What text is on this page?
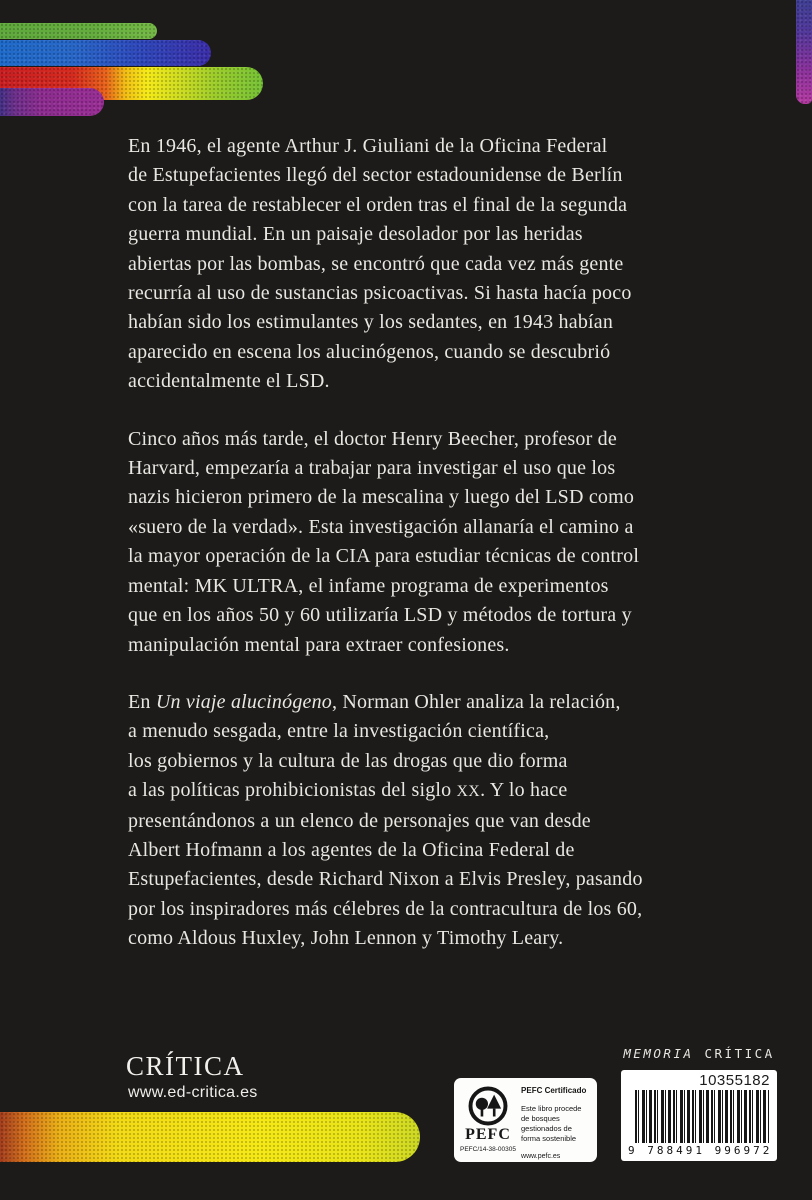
En 1946, el agente Arthur J. Giuliani de la Oficina Federal
de Estupefacientes llegó del sector estadounidense de Berlín
con la tarea de restablecer el orden tras el final de la segunda
guerra mundial. En un paisaje desolador por las heridas
abiertas por las bombas, se encontró que cada vez más gente
recurría al uso de sustancias psicoactivas. Si hasta hacía poco
habían sido los estimulantes y los sedantes, en 1943 habían
aparecido en escena los alucinógenos, cuando se descubrió
accidentalmente el LSD.
Cinco años más tarde, el doctor Henry Beecher, profesor de
Harvard, empezaría a trabajar para investigar el uso que los
nazis hicieron primero de la mescalina y luego del LSD como
«suero de la verdad». Esta investigación allanaría el camino a
la mayor operación de la CIA para estudiar técnicas de control
mental: MK ULTRA, el infame programa de experimentos
que en los años 50 y 60 utilizaría LSD y métodos de tortura y
manipulación mental para extraer confesiones.
En Un viaje alucinógeno, Norman Ohler analiza la relación,
a menudo sesgada, entre la investigación científica,
los gobiernos y la cultura de las drogas que dio forma
a las políticas prohibicionistas del siglo XX. Y lo hace
presentándonos a un elenco de personajes que van desde
Albert Hofmann a los agentes de la Oficina Federal de
Estupefacientes, desde Richard Nixon a Elvis Presley, pasando
por los inspiradores más célebres de la contracultura de los 60,
como Aldous Huxley, John Lennon y Timothy Leary.
CRÍTICA
www.ed-critica.es
PEFC
PEFC/14-38-00305
PEFC Certificado
Este libro procede de bosques gestionados de forma sostenible
www.pefc.es
MEMORIA CRÍTICA
10355182
9 788491 996972
